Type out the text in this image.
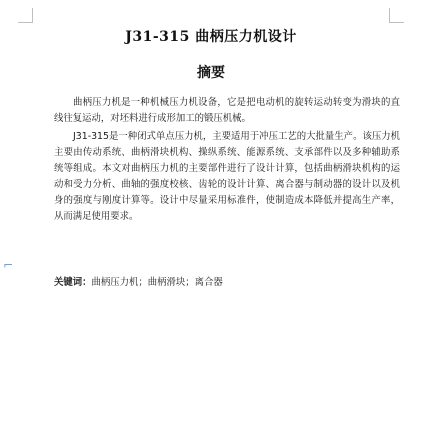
J31-315 曲柄压力机设计
摘要

曲柄压力机是一种机械压力机设备，它是把电动机的旋转运动转变为滑块的直线往复运动，对坯料进行成形加工的锻压机械。

J31-315是一种闭式单点压力机，主要适用于冲压工艺的大批量生产。该压力机主要由传动系统、曲柄滑块机构、操纵系统、能源系统、支承部件以及多种辅助系统等组成。本文对曲柄压力机的主要部件进行了设计计算，包括曲柄滑块机构的运动和受力分析、曲轴的强度校核、齿轮的设计计算、离合器与制动器的设计以及机身的强度与刚度计算等。设计中尽量采用标准件，使制造成本降低并提高生产率，从而满足使用要求。

关键词：曲柄压力机；曲柄滑块；离合器
⌐
